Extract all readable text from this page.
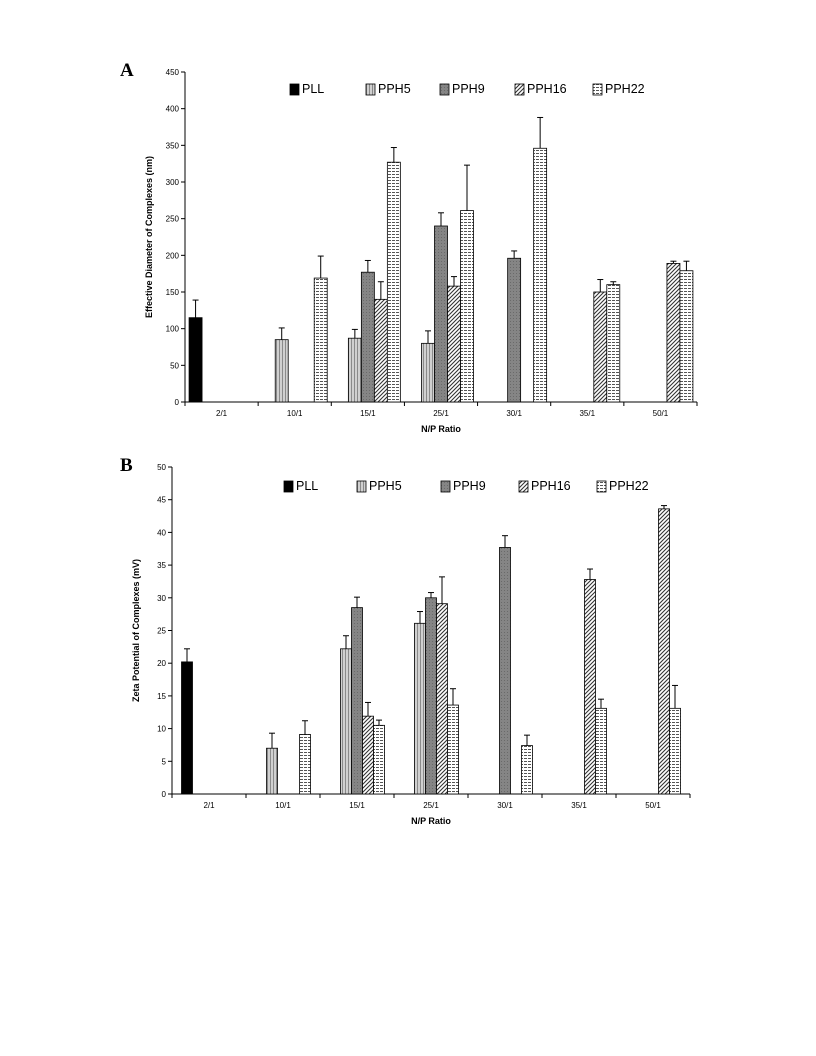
A
0
50
100
150
200
250
300
350
400
450
2/1	10/1	15/1	25/1	30/1	35/1	50/1
N/P Ratio
Effective Diameter of Complexes (nm)
PLL	PPH5	PPH9	PPH16	PPH22
B
0
5
10
15
20
25
30
35
40
45
50
2/1	10/1	15/1	25/1	30/1	35/1	50/1
N/P Ratio
Zeta Potential of Complexes (mV)
PLL	PPH5	PPH9	PPH16	PPH22
